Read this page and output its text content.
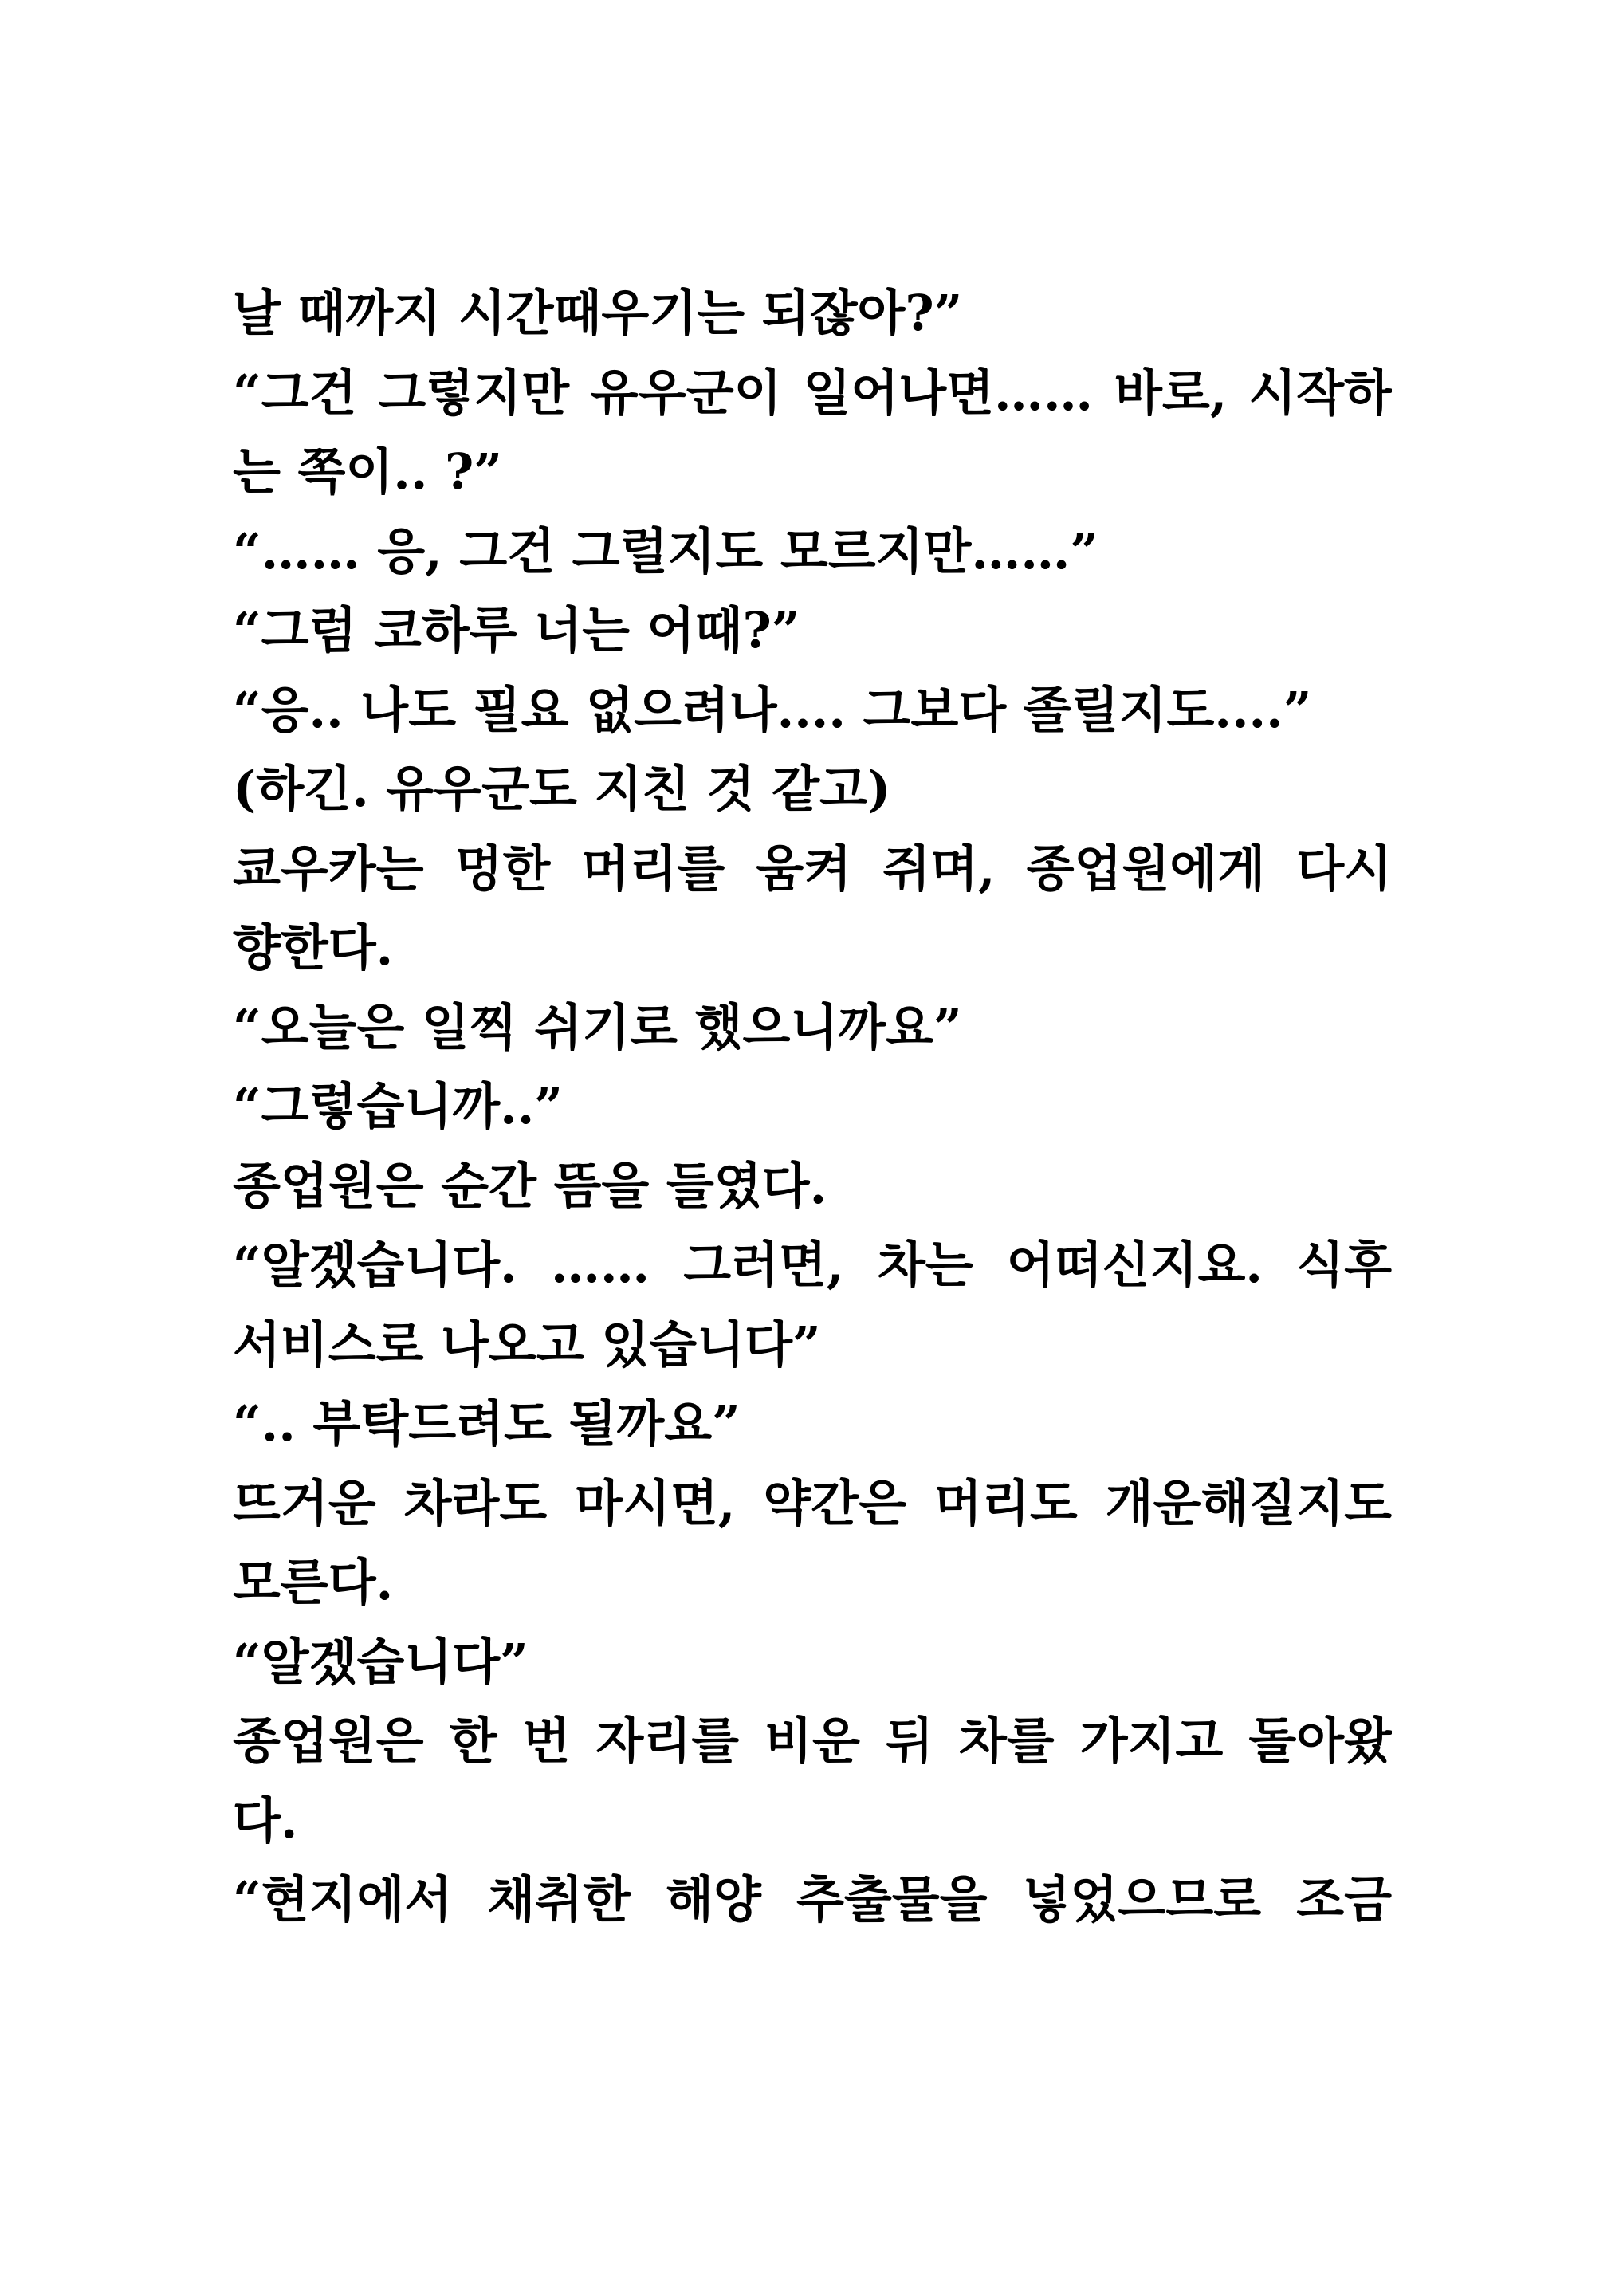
날 때까지 시간때우기는 되잖아?”
“그건 그렇지만 유우군이 일어나면…… 바로, 시작하
는 쪽이.. ?”
“…… 응, 그건 그럴지도 모르지만……”
“그럼 코하루 너는 어때?”
“응.. 나도 필요 없으려나.... 그보다 졸릴지도....”
(하긴. 유우군도 지친 것 같고)
쿄우카는 멍한 머리를 움켜 쥐며, 종업원에게 다시
향한다.
“오늘은 일찍 쉬기로 했으니까요”
“그렇습니까..”
종업원은 순간 뜸을 들였다.
“알겠습니다. …… 그러면, 차는 어떠신지요. 식후
서비스로 나오고 있습니다”
“.. 부탁드려도 될까요”
뜨거운 차라도 마시면, 약간은 머리도 개운해질지도
모른다.
“알겠습니다”
종업원은 한 번 자리를 비운 뒤 차를 가지고 돌아왔
다.
“현지에서 채취한 해양 추출물을 넣었으므로 조금
